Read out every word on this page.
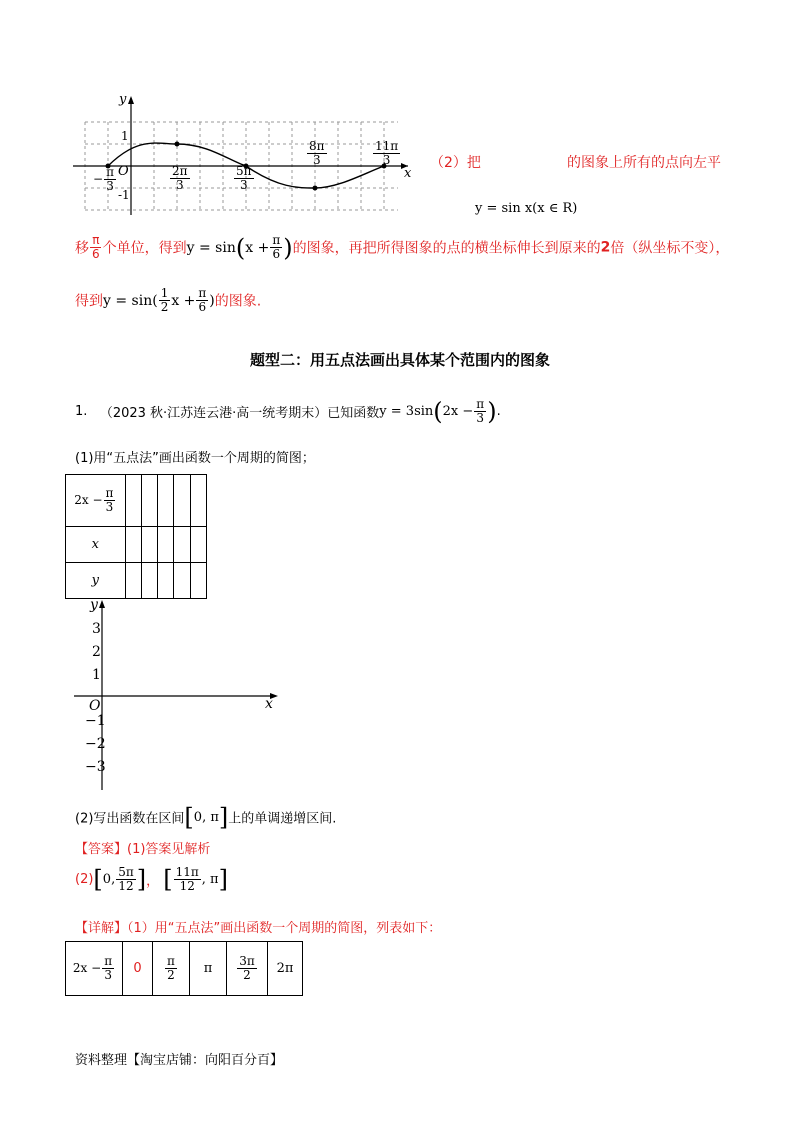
y
x
O
1
-1
− $\frac{\pi}{3}$	$\frac{2\pi}{3}$	$\frac{5\pi}{3}$
$\frac{8\pi}{3}$	$\frac{11\pi}{3} (2)$把	的图象上所有的点向左平
y = sin x(x ∈ R)
移 $\frac{\pi}{6}$ 个单位，得到$y = \sin(x + \frac{\pi}{6}$ )的图象，再把所得图象的点的横坐标伸长到原来的2倍（纵坐标不变），
得到$y = \sin( \frac{1}{2}$ $x + \frac{\pi}{6}$ )的图象.
题型二：用五点法画出具体某个范围内的图象
1. （2023 秋·江苏连云港·高一统考期末）已知函数$y = 3\sin(2x - \frac{\pi}{3}$ ).
(1)用“五点法”画出函数一个周期的简图；
$2x - \frac{\pi}{3}$

x					
y					
y
x
O
3
2
1
−1
−2
−3
(2)写出函数在区间[0, π]上的单调递增区间.
【答案】(1)答案见解析
(2)[0, $\frac{5\pi}{12}$ ]， [ $\frac{11\pi}{12}$ , π]
【详解】（1）用“五点法”画出函数一个周期的简图，列表如下：
$2x - \frac{\pi}{3}$	0	$\frac{\pi}{2}$	π	$\frac{3\pi}{2}$	2π
资料整理【淘宝店铺：向阳百分百】
